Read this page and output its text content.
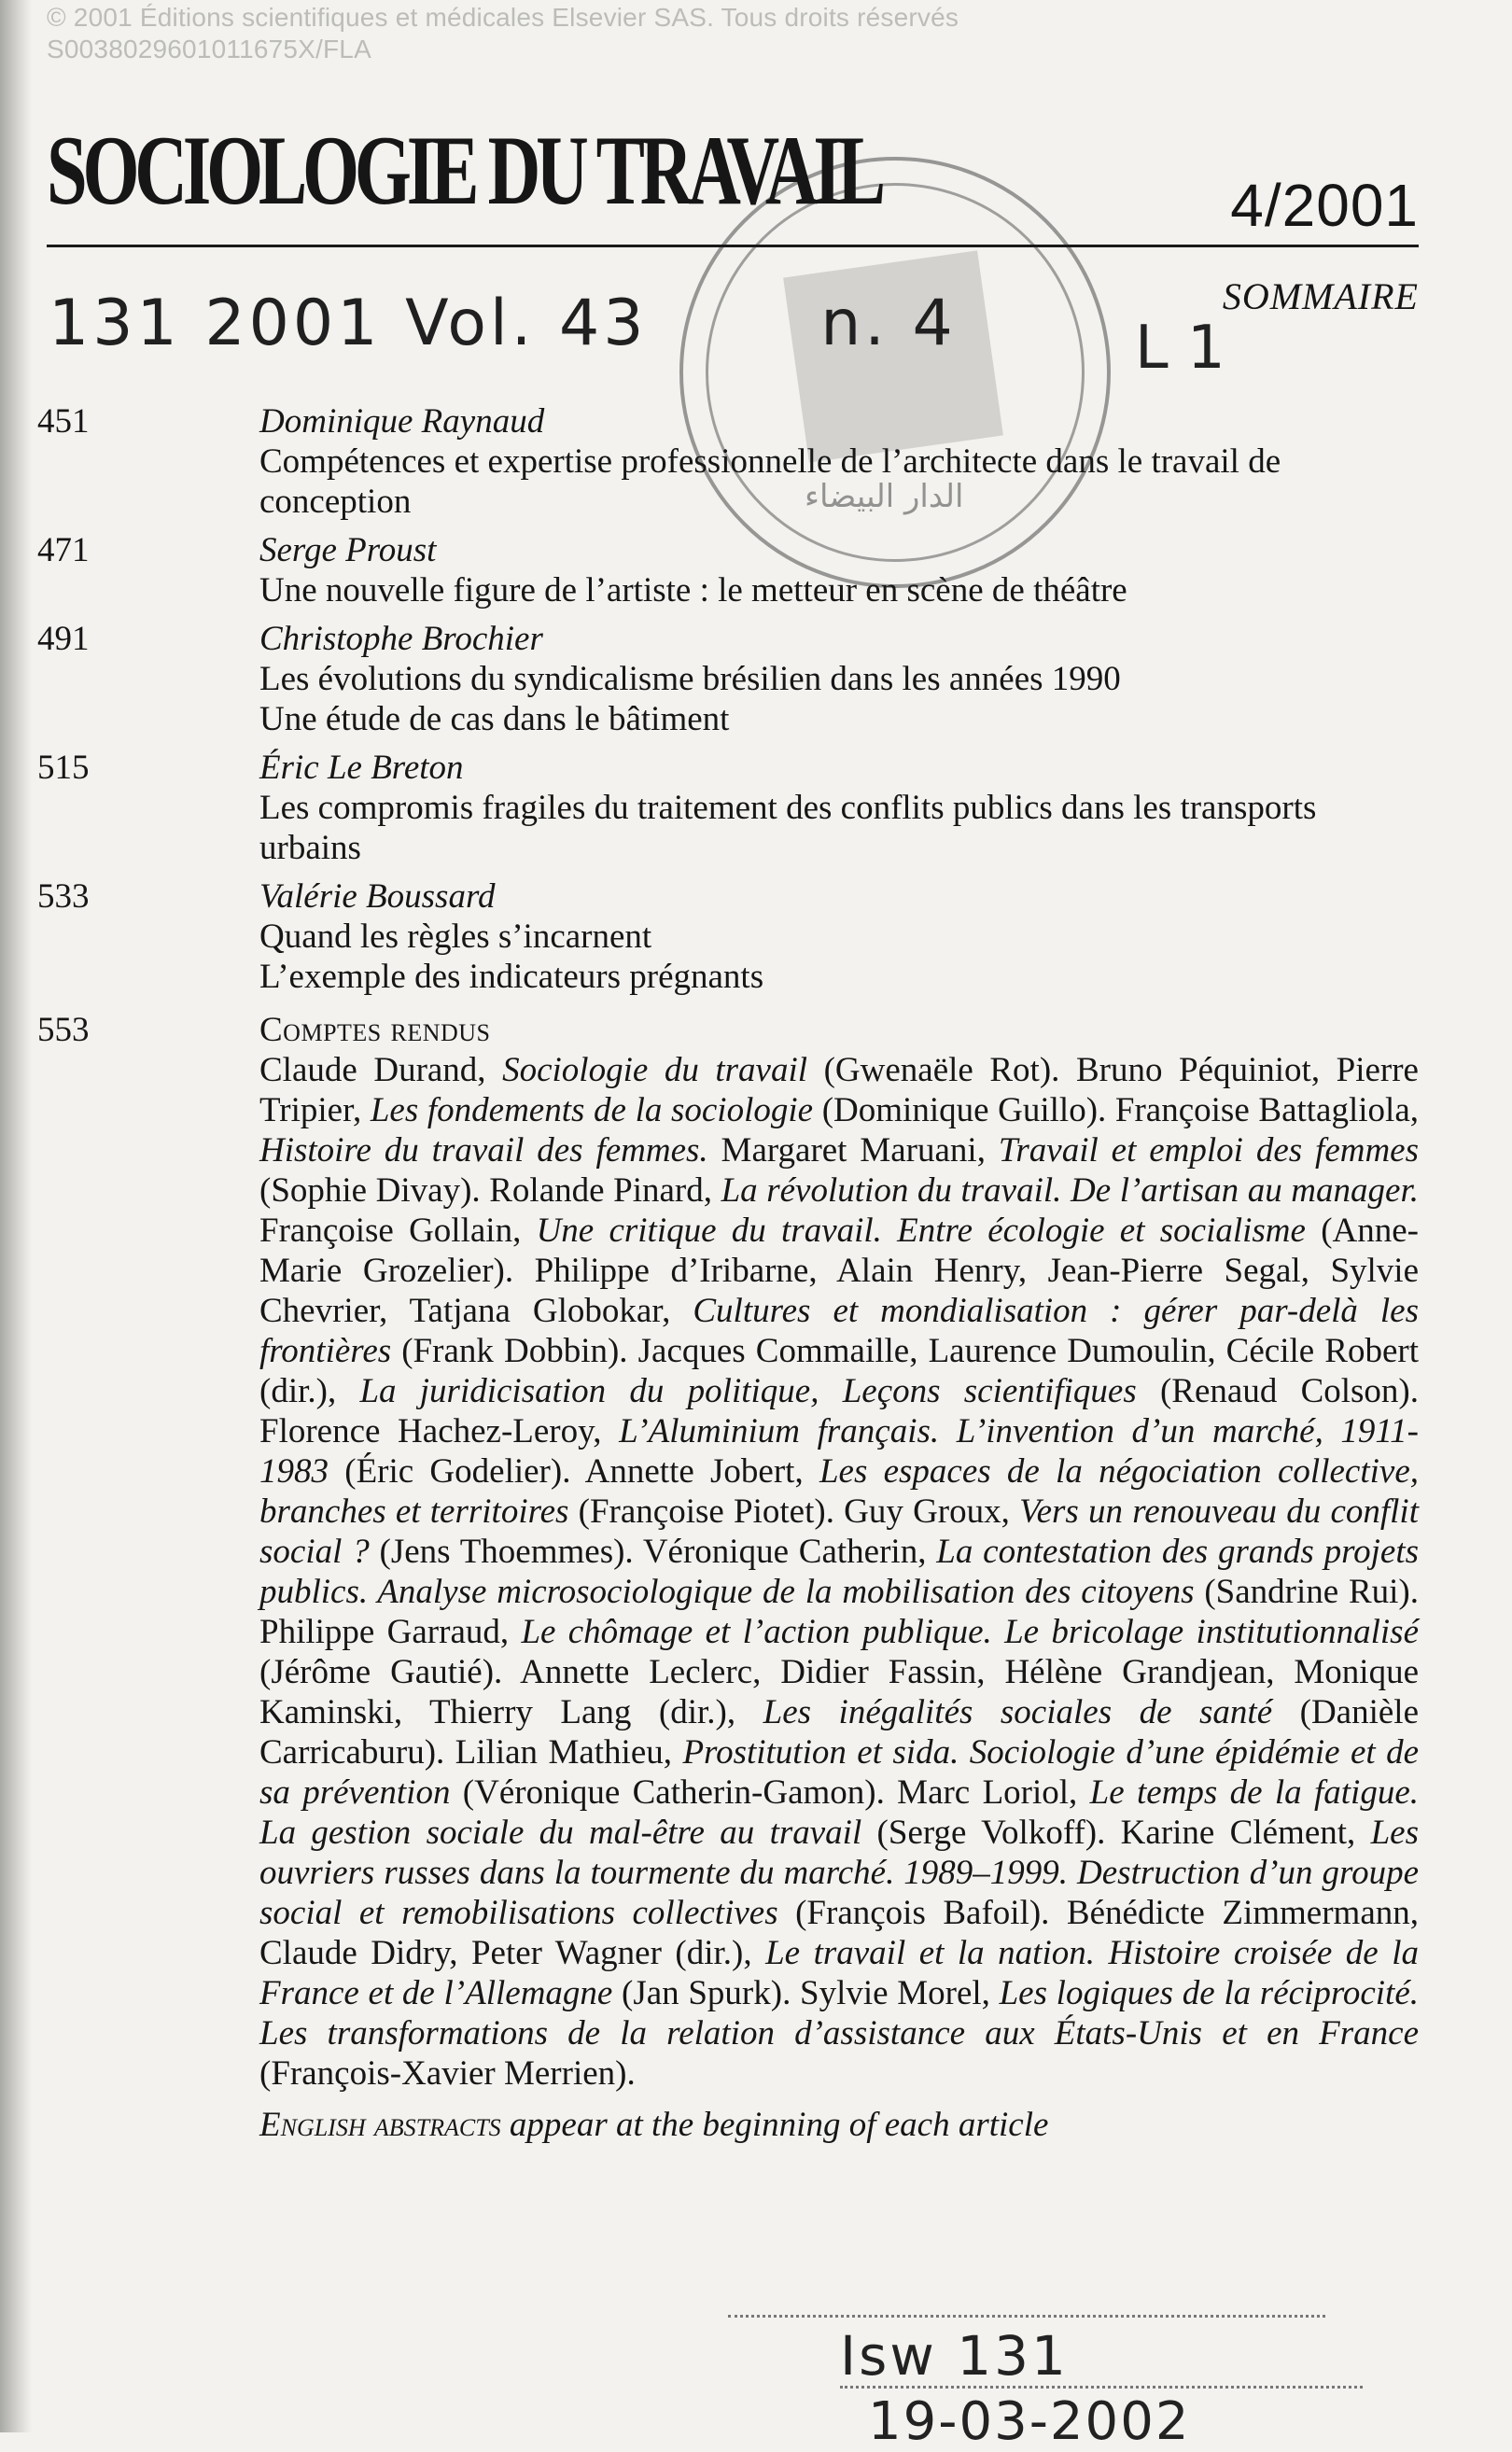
© 2001 Éditions scientifiques et médicales Elsevier SAS. Tous droits réservés
S0038029601011675X/FLA
الدار البيضاء
SOCIOLOGIE DU TRAVAIL	4/2001
SOMMAIRE
131 2001 Vol. 43	n. 4	L 1
451	Dominique Raynaud
Compétences et expertise professionnelle de l’architecte dans le travail de conception
471	Serge Proust
Une nouvelle figure de l’artiste : le metteur en scène de théâtre
491	Christophe Brochier
Les évolutions du syndicalisme brésilien dans les années 1990
Une étude de cas dans le bâtiment
515	Éric Le Breton
Les compromis fragiles du traitement des conflits publics dans les transports urbains
533	Valérie Boussard
Quand les règles s’incarnent
L’exemple des indicateurs prégnants
553	Comptes rendus
Claude Durand, Sociologie du travail (Gwenaële Rot). Bruno Péquiniot, Pierre Tripier, Les fondements de la sociologie (Dominique Guillo). Françoise Battagliola, Histoire du travail des femmes. Margaret Maruani, Travail et emploi des femmes (Sophie Divay). Rolande Pinard, La révolution du travail. De l’artisan au manager. Françoise Gollain, Une critique du travail. Entre écologie et socialisme (Anne-Marie Grozelier). Philippe d’Iribarne, Alain Henry, Jean-Pierre Segal, Sylvie Chevrier, Tatjana Globokar, Cultures et mondialisation : gérer par-delà les frontières (Frank Dobbin). Jacques Commaille, Laurence Dumoulin, Cécile Robert (dir.), La juridicisation du politique, Leçons scientifiques (Renaud Colson). Florence Hachez-Leroy, L’Aluminium français. L’invention d’un marché, 1911-1983 (Éric Godelier). Annette Jobert, Les espaces de la négociation collective, branches et territoires (Françoise Piotet). Guy Groux, Vers un renouveau du conflit social ? (Jens Thoemmes). Véronique Catherin, La contestation des grands projets publics. Analyse microsociologique de la mobilisation des citoyens (Sandrine Rui). Philippe Garraud, Le chômage et l’action publique. Le bricolage institutionnalisé (Jérôme Gautié). Annette Leclerc, Didier Fassin, Hélène Grandjean, Monique Kaminski, Thierry Lang (dir.), Les inégalités sociales de santé (Danièle Carricaburu). Lilian Mathieu, Prostitution et sida. Sociologie d’une épidémie et de sa prévention (Véronique Catherin-Gamon). Marc Loriol, Le temps de la fatigue. La gestion sociale du mal-être au travail (Serge Volkoff). Karine Clément, Les ouvriers russes dans la tourmente du marché. 1989–1999. Destruction d’un groupe social et remobilisations collectives (François Bafoil). Bénédicte Zimmermann, Claude Didry, Peter Wagner (dir.), Le travail et la nation. Histoire croisée de la France et de l’Allemagne (Jan Spurk). Sylvie Morel, Les logiques de la réciprocité. Les transformations de la relation d’assistance aux États-Unis et en France (François-Xavier Merrien).
English abstracts appear at the beginning of each article
Isw 131
19-03-2002
